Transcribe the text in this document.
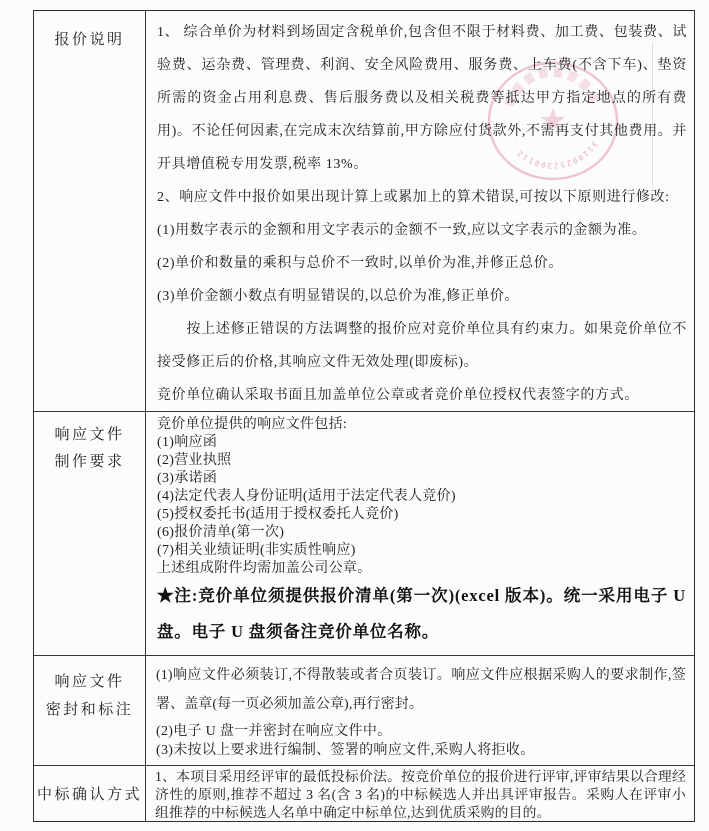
报价说明	1、 综合单价为材料到场固定含税单价,包含但不限于材料费、加工费、包装费、试验费、运杂费、管理费、利润、安全风险费用、服务费、上车费(不含下车)、垫资所需的资金占用利息费、售后服务费以及相关税费等抵达甲方指定地点的所有费用)。不论任何因素,在完成末次结算前,甲方除应付货款外,不需再支付其他费用。并开具增值税专用发票,税率 13%。

2、响应文件中报价如果出现计算上或累加上的算术错误,可按以下原则进行修改:

(1)用数字表示的金额和用文字表示的金额不一致,应以文字表示的金额为准。

(2)单价和数量的乘积与总价不一致时,以单价为准,并修正总价。

(3)单价金额小数点有明显错误的,以总价为准,修正单价。

按上述修正错误的方法调整的报价应对竞价单位具有约束力。如果竞价单位不接受修正后的价格,其响应文件无效处理(即废标)。

竞价单位确认采取书面且加盖单位公章或者竞价单位授权代表签字的方式。

响应文件
制作要求

竞价单位提供的响应文件包括:

(1)响应函

(2)营业执照

(3)承诺函

(4)法定代表人身份证明(适用于法定代表人竞价)

(5)授权委托书(适用于授权委托人竞价)

(6)报价清单(第一次)

(7)相关业绩证明(非实质性响应)

上述组成附件均需加盖公司公章。

★注:竞价单位须提供报价清单(第一次)(excel 版本)。统一采用电子 U 盘。电子 U 盘须备注竞价单位名称。

响应文件
密封和标注

(1)响应文件必须装订,不得散装或者合页装订。响应文件应根据采购人的要求制作,签署、盖章(每一页必须加盖公章),再行密封。

(2)电子 U 盘一并密封在响应文件中。

(3)未按以上要求进行编制、签署的响应文件,采购人将拒收。

中标确认方式

1、本项目采用经评审的最低投标价法。按竞价单位的报价进行评审,评审结果以合理经济性的原则,推荐不超过 3 名(含 3 名)的中标候选人并出具评审报告。采购人在评审小组推荐的中标候选人名单中确定中标单位,达到优质采购的目的。

31100252300112
